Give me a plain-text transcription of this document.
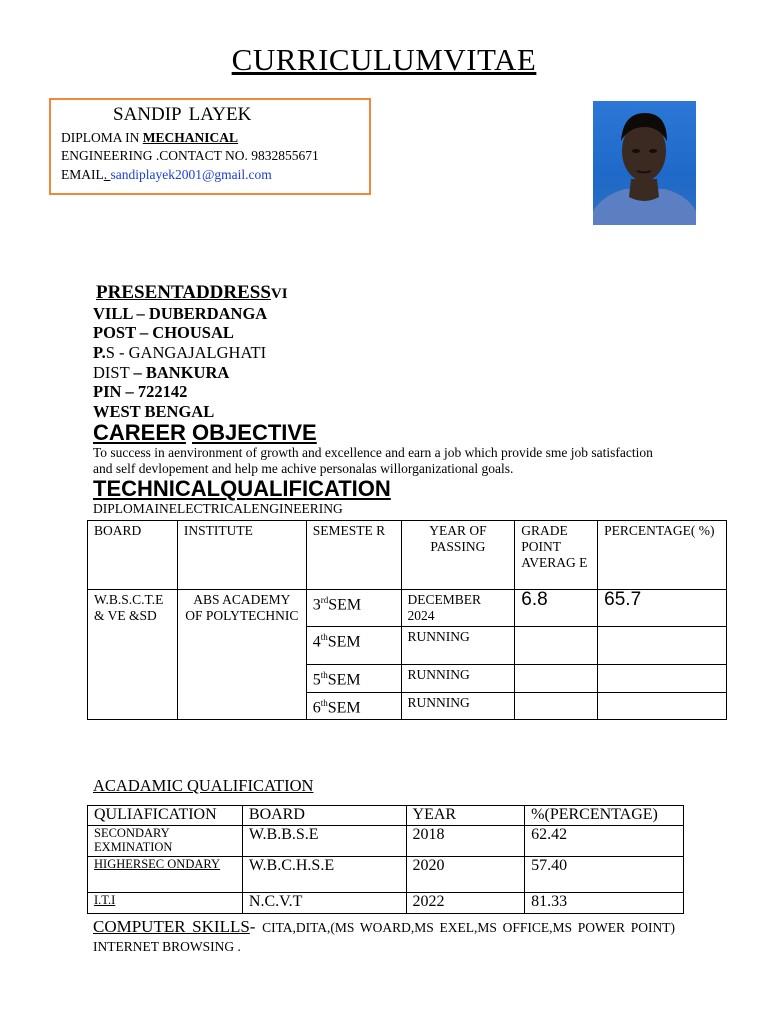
CURRICULUMVITAE
SANDIP LAYEK
DIPLOMA IN MECHANICAL
ENGINEERING .CONTACT NO. 9832855671
EMAIL. sandiplayek2001@gmail.com
PRESENTADDRESSVI
VILL – DUBERDANGA
POST – CHOUSAL
P.S - GANGAJALGHATI
DIST – BANKURA
PIN – 722142
WEST BENGAL
CAREER OBJECTIVE
To success in aenvironment of growth and excellence and earn a job which provide sme job satisfaction and self devlopement and help me achive personalas willorganizational goals.
TECHNICALQUALIFICATION
DIPLOMAINELECTRICALENGINEERING
BOARD	INSTITUTE	SEMESTE R	YEAR OF PASSING	GRADE POINT AVERAG E	PERCENTAGE( %)
W.B.S.C.T.E & VE &SD	ABS ACADEMY OF POLYTECHNIC	3rdSEM	DECEMBER 2024	6.8	65.7
		4thSEM	RUNNING		
		5thSEM	RUNNING		
		6thSEM	RUNNING		
ACADAMIC QUALIFICATION
QULIAFICATION	BOARD	YEAR	%(PERCENTAGE)
SECONDARY EXMINATION	W.B.B.S.E	2018	62.42
HIGHERSEC ONDARY	W.B.C.H.S.E	2020	57.40
I.T.I	N.C.V.T	2022	81.33
COMPUTER SKILLS- CITA,DITA,(MS WOARD,MS EXEL,MS OFFICE,MS POWER POINT) INTERNET BROWSING .
